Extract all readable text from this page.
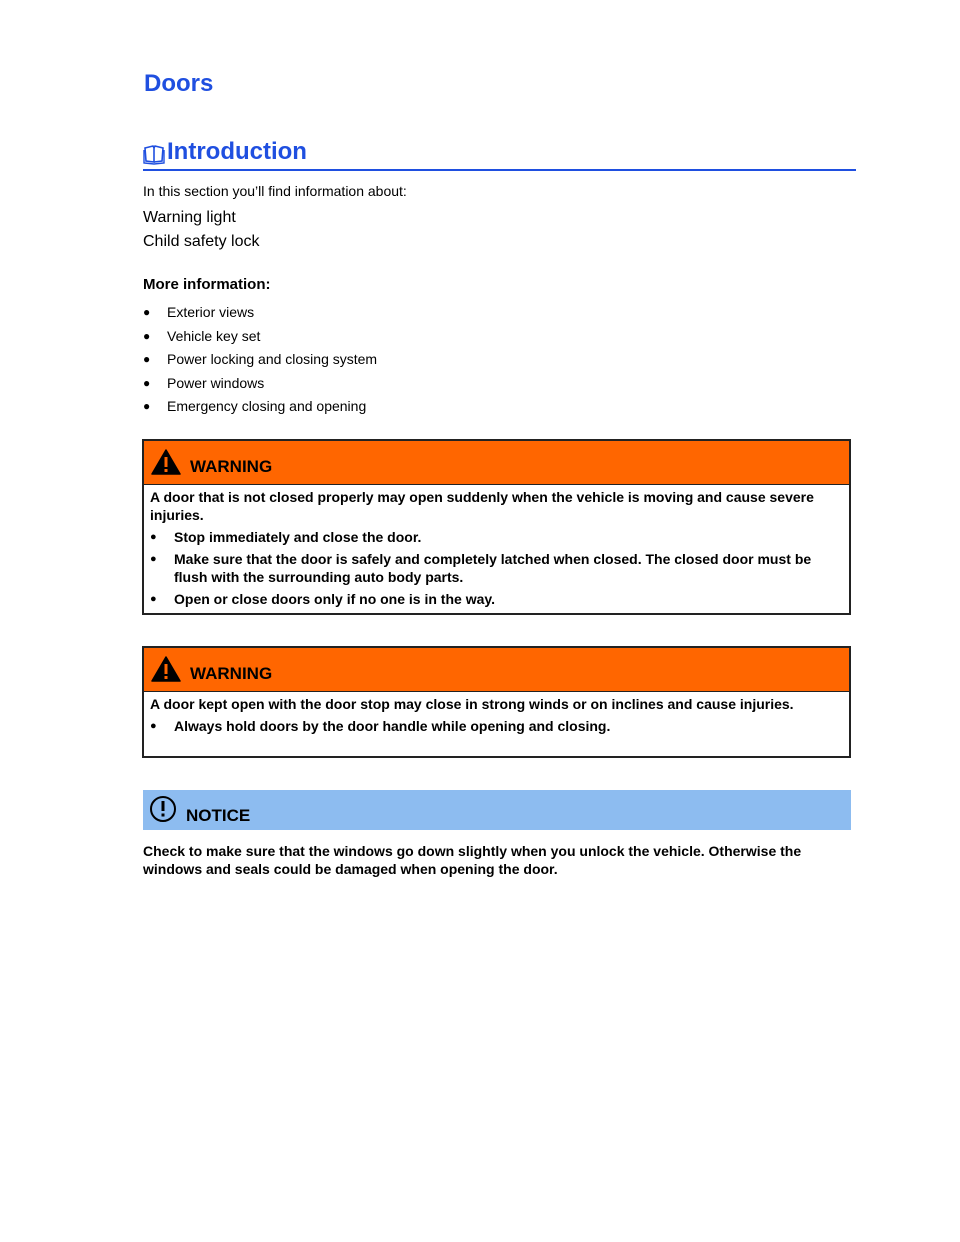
Doors
Introduction
In this section you’ll find information about:
Warning light
Child safety lock
More information:
●	Exterior views
●	Vehicle key set
●	Power locking and closing system
●	Power windows
●	Emergency closing and opening
WARNING

A door that is not closed properly may open suddenly when the vehicle is moving and cause severe injuries.

●	Stop immediately and close the door.
●	Make sure that the door is safely and completely latched when closed. The closed door must be flush with the surrounding auto body parts.
●	Open or close doors only if no one is in the way.
WARNING

A door kept open with the door stop may close in strong winds or on inclines and cause injuries.

●	Always hold doors by the door handle while opening and closing.
NOTICE
Check to make sure that the windows go down slightly when you unlock the vehicle. Otherwise the windows and seals could be damaged when opening the door.
